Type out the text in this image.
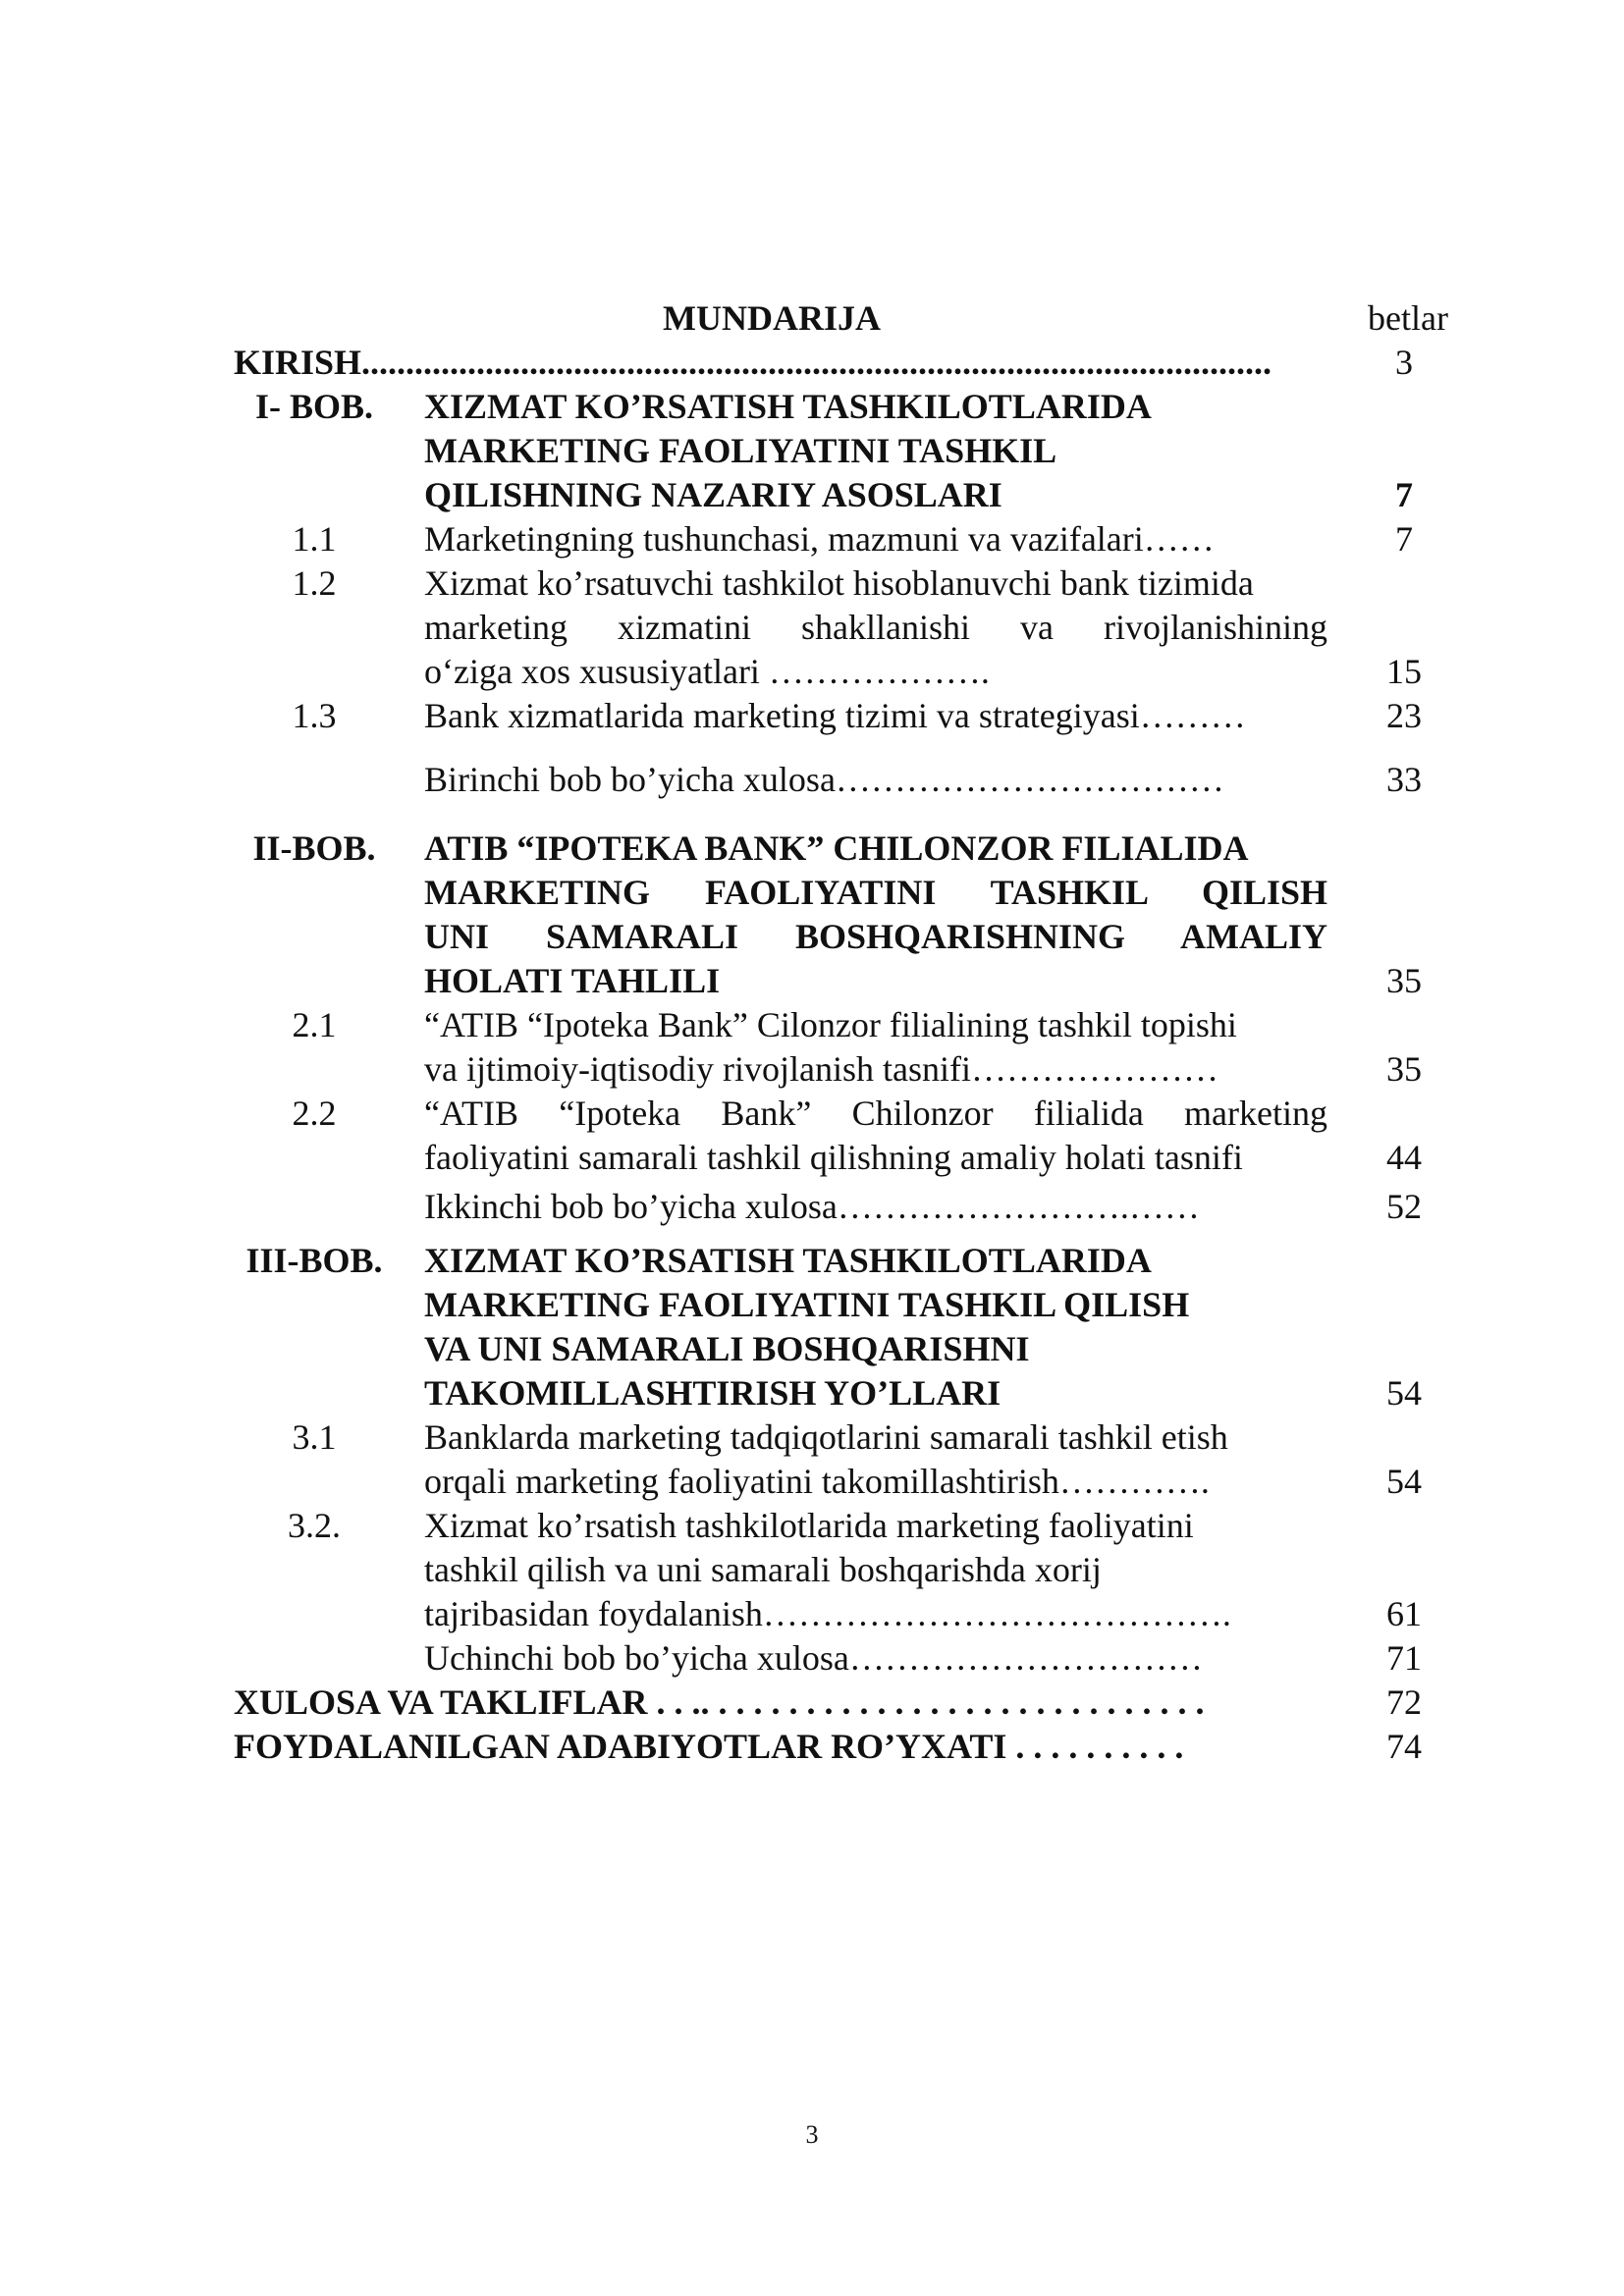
MUNDARIJA	betlar
KIRISH.......................................................................................................	3
I- BOB. XIZMAT KO’RSATISH TASHKILOTLARIDA
MARKETING FAOLIYATINI TASHKIL
QILISHNING NAZARIY ASOSLARI	7
1.1	Marketingning tushunchasi, mazmuni va vazifalari……	7
1.2	Xizmat ko’rsatuvchi tashkilot hisoblanuvchi bank tizimida
marketing xizmatini shakllanishi va rivojlanishining
o‘ziga xos xususiyatlari ……………….	15
1.3	Bank xizmatlarida marketing tizimi va strategiyasi………	23
Birinchi bob bo’yicha xulosa……………………………	33
II-BOB. ATIB “IPOTEKA BANK” CHILONZOR FILIALIDA
MARKETING FAOLIYATINI TASHKIL QILISH
UNI SAMARALI BOSHQARISHNING AMALIY
HOLATI TAHLILI	35
2.1	“ATIB “Ipoteka Bank” Cilonzor filialining tashkil topishi
va ijtimoiy-iqtisodiy rivojlanish tasnifi…………………	35
2.2	“ATIB “Ipoteka Bank” Chilonzor filialida marketing
faoliyatini samarali tashkil qilishning amaliy holati tasnifi	44
Ikkinchi bob bo’yicha xulosa…………………….……	52
III-BOB. XIZMAT KO’RSATISH TASHKILOTLARIDA
MARKETING FAOLIYATINI TASHKIL QILISH
VA UNI SAMARALI BOSHQARISHNI
TAKOMILLASHTIRISH YO’LLARI	54
3.1	Banklarda marketing tadqiqotlarini samarali tashkil etish
orqali marketing faoliyatini takomillashtirish………….	54
3.2.	Xizmat ko’rsatish tashkilotlarida marketing faoliyatini
tashkil qilish va uni samarali boshqarishda xorij
tajribasidan foydalanish………………………………….	61
Uchinchi bob bo’yicha xulosa…………………………	71
XULOSA VA TAKLIFLAR . . .. . . . . . . . . . . . . . . . . . . . . . . . . . . . .	72
FOYDALANILGAN ADABIYOTLAR RO’YXATI . . . . . . . . . .	74
3
